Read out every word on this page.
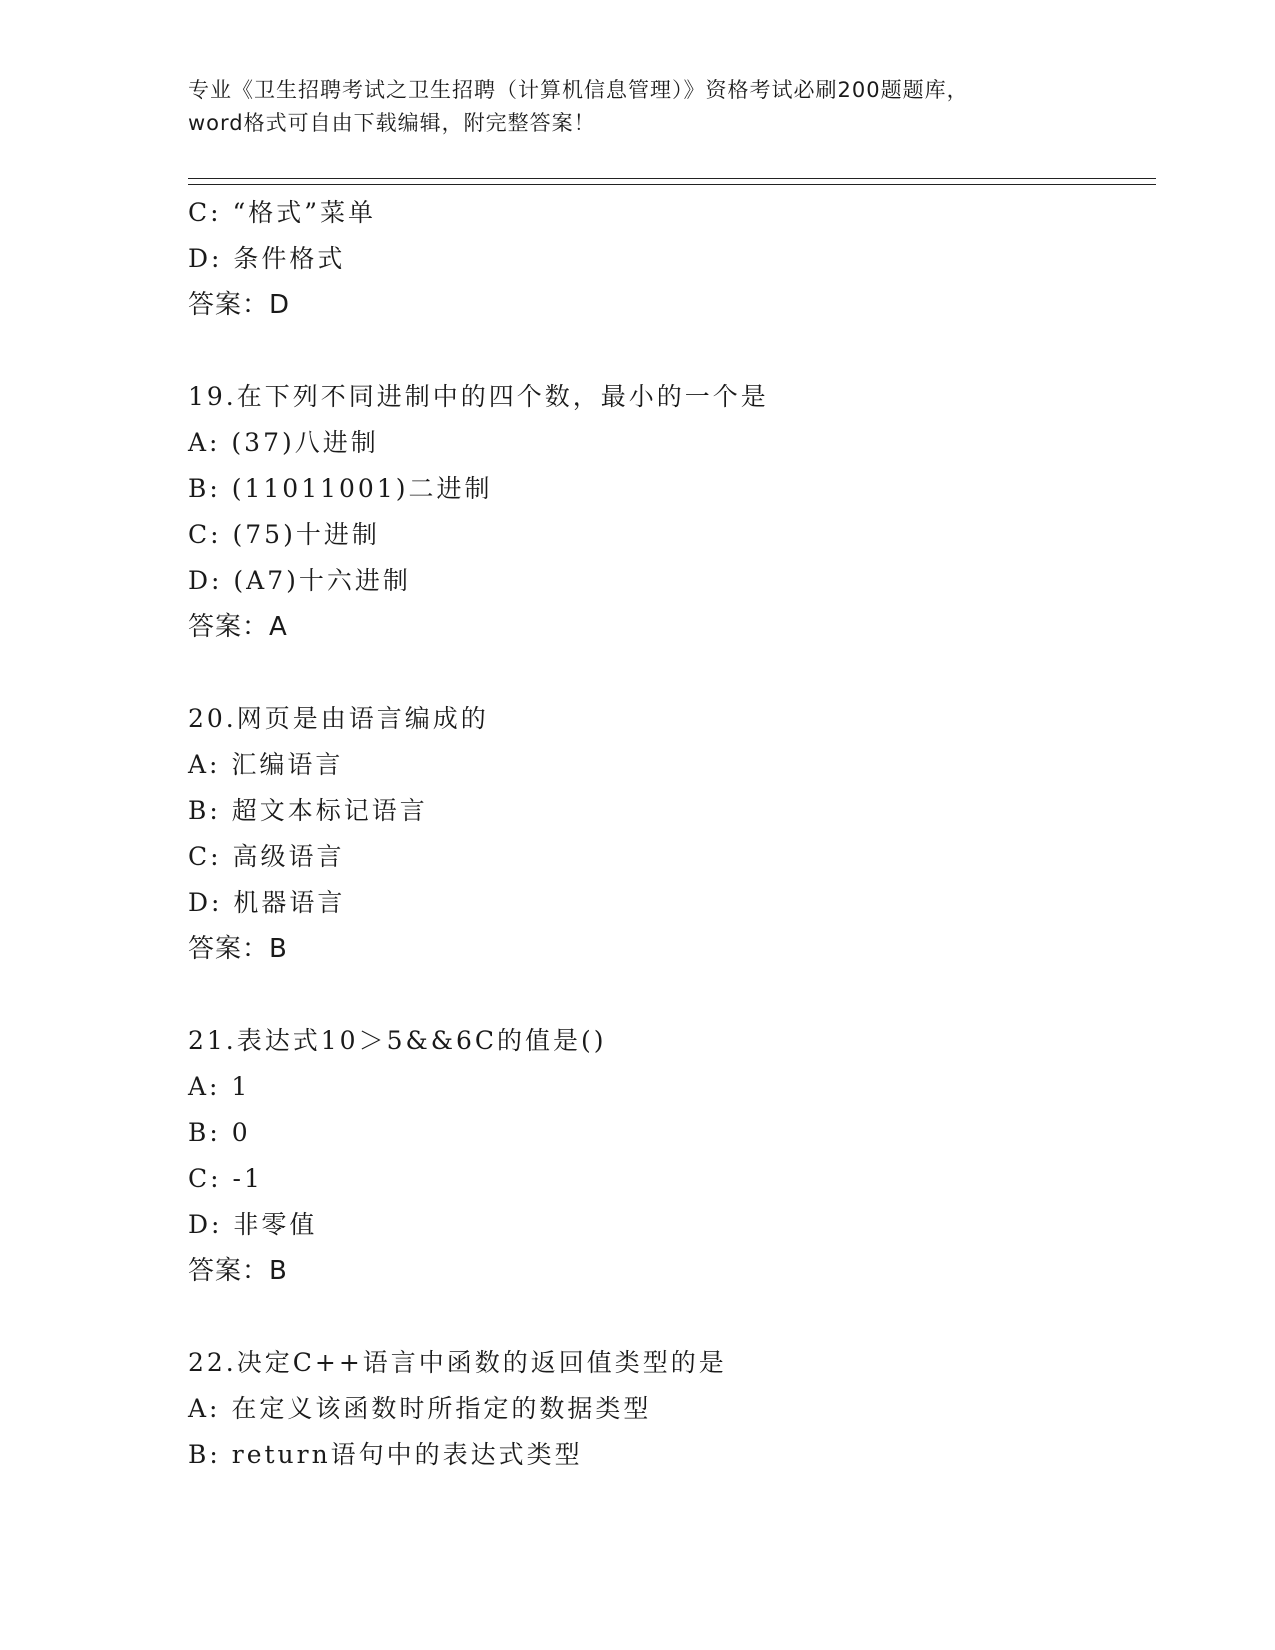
专业《卫生招聘考试之卫生招聘（计算机信息管理）》资格考试必刷200题题库，
word格式可自由下载编辑，附完整答案！
C: “格式”菜单
D: 条件格式
答案：D
19.在下列不同进制中的四个数，最小的一个是
A: (37)八进制
B: (11011001)二进制
C: (75)十进制
D: (A7)十六进制
答案：A
20.网页是由语言编成的
A: 汇编语言
B: 超文本标记语言
C: 高级语言
D: 机器语言
答案：B
21.表达式10＞5&&6C的值是()
A: 1
B: 0
C: -1
D: 非零值
答案：B
22.决定C++语言中函数的返回值类型的是
A: 在定义该函数时所指定的数据类型
B: return语句中的表达式类型
